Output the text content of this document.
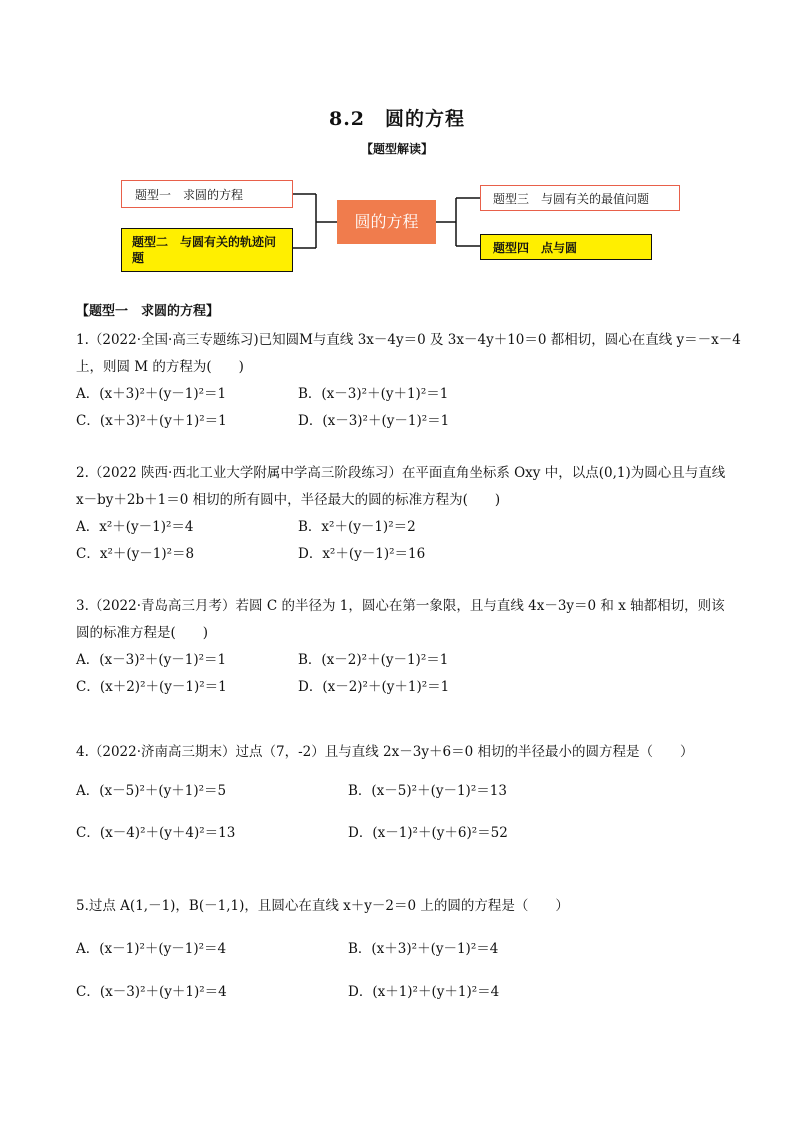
8.2　圆的方程
【题型解读】
题型一　求圆的方程
题型二　与圆有关的轨迹问题
圆的方程
题型三　与圆有关的最值问题
题型四　点与圆
【题型一　求圆的方程】
1.（2022·全国·高三专题练习)已知圆M与直线 3x－4y＝0 及 3x－4y＋10＝0 都相切，圆心在直线 y＝－x－4
上，则圆 M 的方程为(　　)
A．(x＋3)²＋(y－1)²＝1	B．(x－3)²＋(y＋1)²＝1
C．(x＋3)²＋(y＋1)²＝1	D．(x－3)²＋(y－1)²＝1
2.（2022 陕西·西北工业大学附属中学高三阶段练习）在平面直角坐标系 Oxy 中，以点(0,1)为圆心且与直线
x－by＋2b＋1＝0 相切的所有圆中，半径最大的圆的标准方程为(　　)
A．x²＋(y－1)²＝4	B．x²＋(y－1)²＝2
C．x²＋(y－1)²＝8	D．x²＋(y－1)²＝16
3.（2022·青岛高三月考）若圆 C 的半径为 1，圆心在第一象限，且与直线 4x－3y＝0 和 x 轴都相切，则该
圆的标准方程是(　　)
A．(x－3)²＋(y－1)²＝1	B．(x－2)²＋(y－1)²＝1
C．(x＋2)²＋(y－1)²＝1	D．(x－2)²＋(y＋1)²＝1
4.（2022·济南高三期末）过点（7，-2）且与直线 2x－3y＋6＝0 相切的半径最小的圆方程是（　　）
A．(x－5)²＋(y＋1)²＝5	B．(x－5)²＋(y－1)²＝13
C．(x－4)²＋(y＋4)²＝13	D．(x－1)²＋(y＋6)²＝52
5.过点 A(1,－1)，B(－1,1)，且圆心在直线 x＋y－2＝0 上的圆的方程是（　　）
A．(x－1)²＋(y－1)²＝4	B．(x＋3)²＋(y－1)²＝4
C．(x－3)²＋(y＋1)²＝4	D．(x＋1)²＋(y＋1)²＝4
